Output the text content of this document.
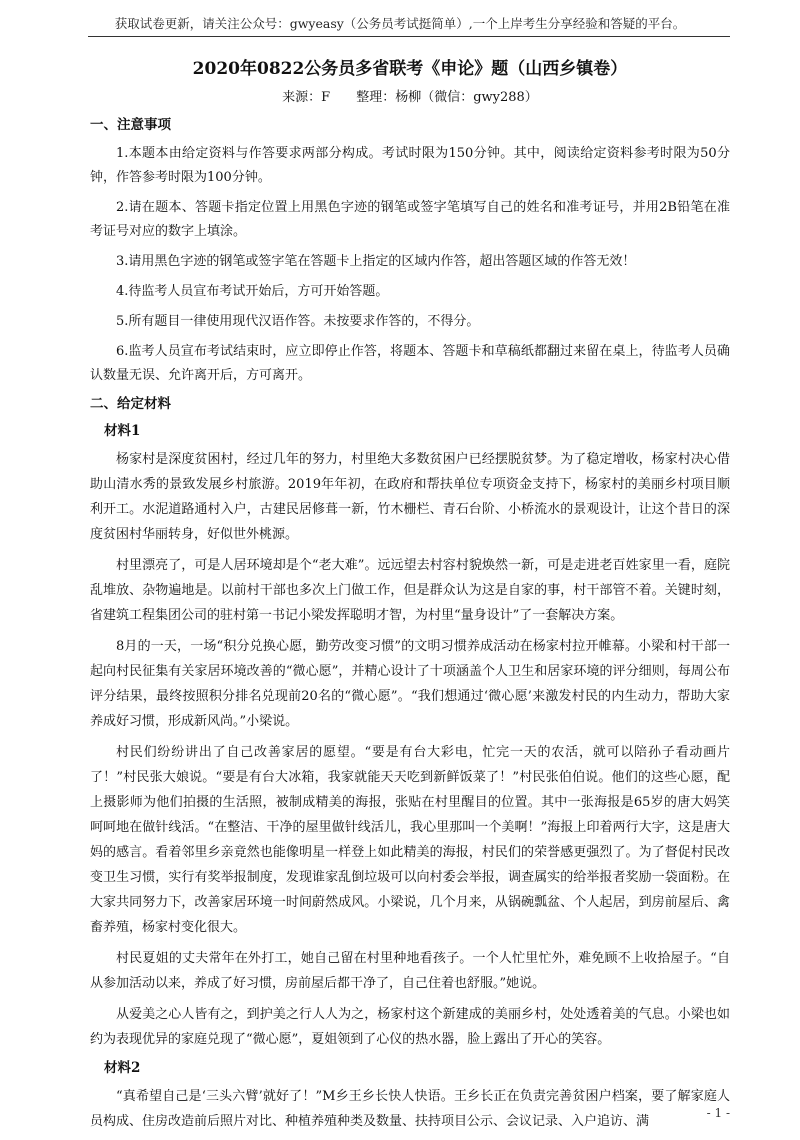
获取试卷更新，请关注公众号：gwyeasy（公务员考试挺简单）,一个上岸考生分享经验和答疑的平台。
2020年0822公务员多省联考《申论》题（山西乡镇卷）
来源：F　　整理：杨柳（微信：gwy288）
一、注意事项

1.本题本由给定资料与作答要求两部分构成。考试时限为150分钟。其中，阅读给定资料参考时限为50分钟，作答参考时限为100分钟。

2.请在题本、答题卡指定位置上用黑色字迹的钢笔或签字笔填写自己的姓名和准考证号，并用2B铅笔在准考证号对应的数字上填涂。

3.请用黑色字迹的钢笔或签字笔在答题卡上指定的区域内作答，超出答题区域的作答无效！

4.待监考人员宣布考试开始后，方可开始答题。

5.所有题目一律使用现代汉语作答。未按要求作答的，不得分。

6.监考人员宣布考试结束时，应立即停止作答，将题本、答题卡和草稿纸都翻过来留在桌上，待监考人员确认数量无误、允许离开后，方可离开。

二、给定材料
材料1

杨家村是深度贫困村，经过几年的努力，村里绝大多数贫困户已经摆脱贫梦。为了稳定增收，杨家村决心借助山清水秀的景致发展乡村旅游。2019年年初，在政府和帮扶单位专项资金支持下，杨家村的美丽乡村项目顺利开工。水泥道路通村入户，古建民居修葺一新，竹木栅栏、青石台阶、小桥流水的景观设计，让这个昔日的深度贫困村华丽转身，好似世外桃源。

村里漂亮了，可是人居环境却是个“老大难”。远远望去村容村貌焕然一新，可是走进老百姓家里一看，庭院乱堆放、杂物遍地是。以前村干部也多次上门做工作，但是群众认为这是自家的事，村干部管不着。关键时刻，省建筑工程集团公司的驻村第一书记小梁发挥聪明才智，为村里“量身设计”了一套解决方案。

8月的一天，一场“积分兑换心愿，勤劳改变习惯”的文明习惯养成活动在杨家村拉开帷幕。小梁和村干部一起向村民征集有关家居环境改善的“微心愿”，并精心设计了十项涵盖个人卫生和居家环境的评分细则，每周公布评分结果，最终按照积分排名兑现前20名的“微心愿”。“我们想通过‘微心愿’来激发村民的内生动力，帮助大家养成好习惯，形成新风尚。”小梁说。

村民们纷纷讲出了自己改善家居的愿望。“要是有台大彩电，忙完一天的农活，就可以陪孙子看动画片了！”村民张大娘说。“要是有台大冰箱，我家就能天天吃到新鲜饭菜了！”村民张伯伯说。他们的这些心愿，配上摄影师为他们拍摄的生活照，被制成精美的海报，张贴在村里醒目的位置。其中一张海报是65岁的唐大妈笑呵呵地在做针线活。“在整洁、干净的屋里做针线活儿，我心里那叫一个美啊！”海报上印着两行大字，这是唐大妈的感言。看着邻里乡亲竟然也能像明星一样登上如此精美的海报，村民们的荣誉感更强烈了。为了督促村民改变卫生习惯，实行有奖举报制度，发现谁家乱倒垃圾可以向村委会举报，调查属实的给举报者奖励一袋面粉。在大家共同努力下，改善家居环境一时间蔚然成风。小梁说，几个月来，从锅碗瓢盆、个人起居，到房前屋后、禽畜养殖，杨家村变化很大。

村民夏姐的丈夫常年在外打工，她自己留在村里种地看孩子。一个人忙里忙外，难免顾不上收拾屋子。“自从参加活动以来，养成了好习惯，房前屋后都干净了，自己住着也舒服。”她说。

从爱美之心人皆有之，到护美之行人人为之，杨家村这个新建成的美丽乡村，处处透着美的气息。小梁也如约为表现优异的家庭兑现了“微心愿”，夏姐领到了心仪的热水器，脸上露出了开心的笑容。

材料2

“真希望自己是‘三头六臂’就好了！”M乡王乡长快人快语。王乡长正在负责完善贫困户档案，要了解家庭人员构成、住房改造前后照片对比、种植养殖种类及数量、扶持项目公示、会议记录、入户追访、满

- 1 -
